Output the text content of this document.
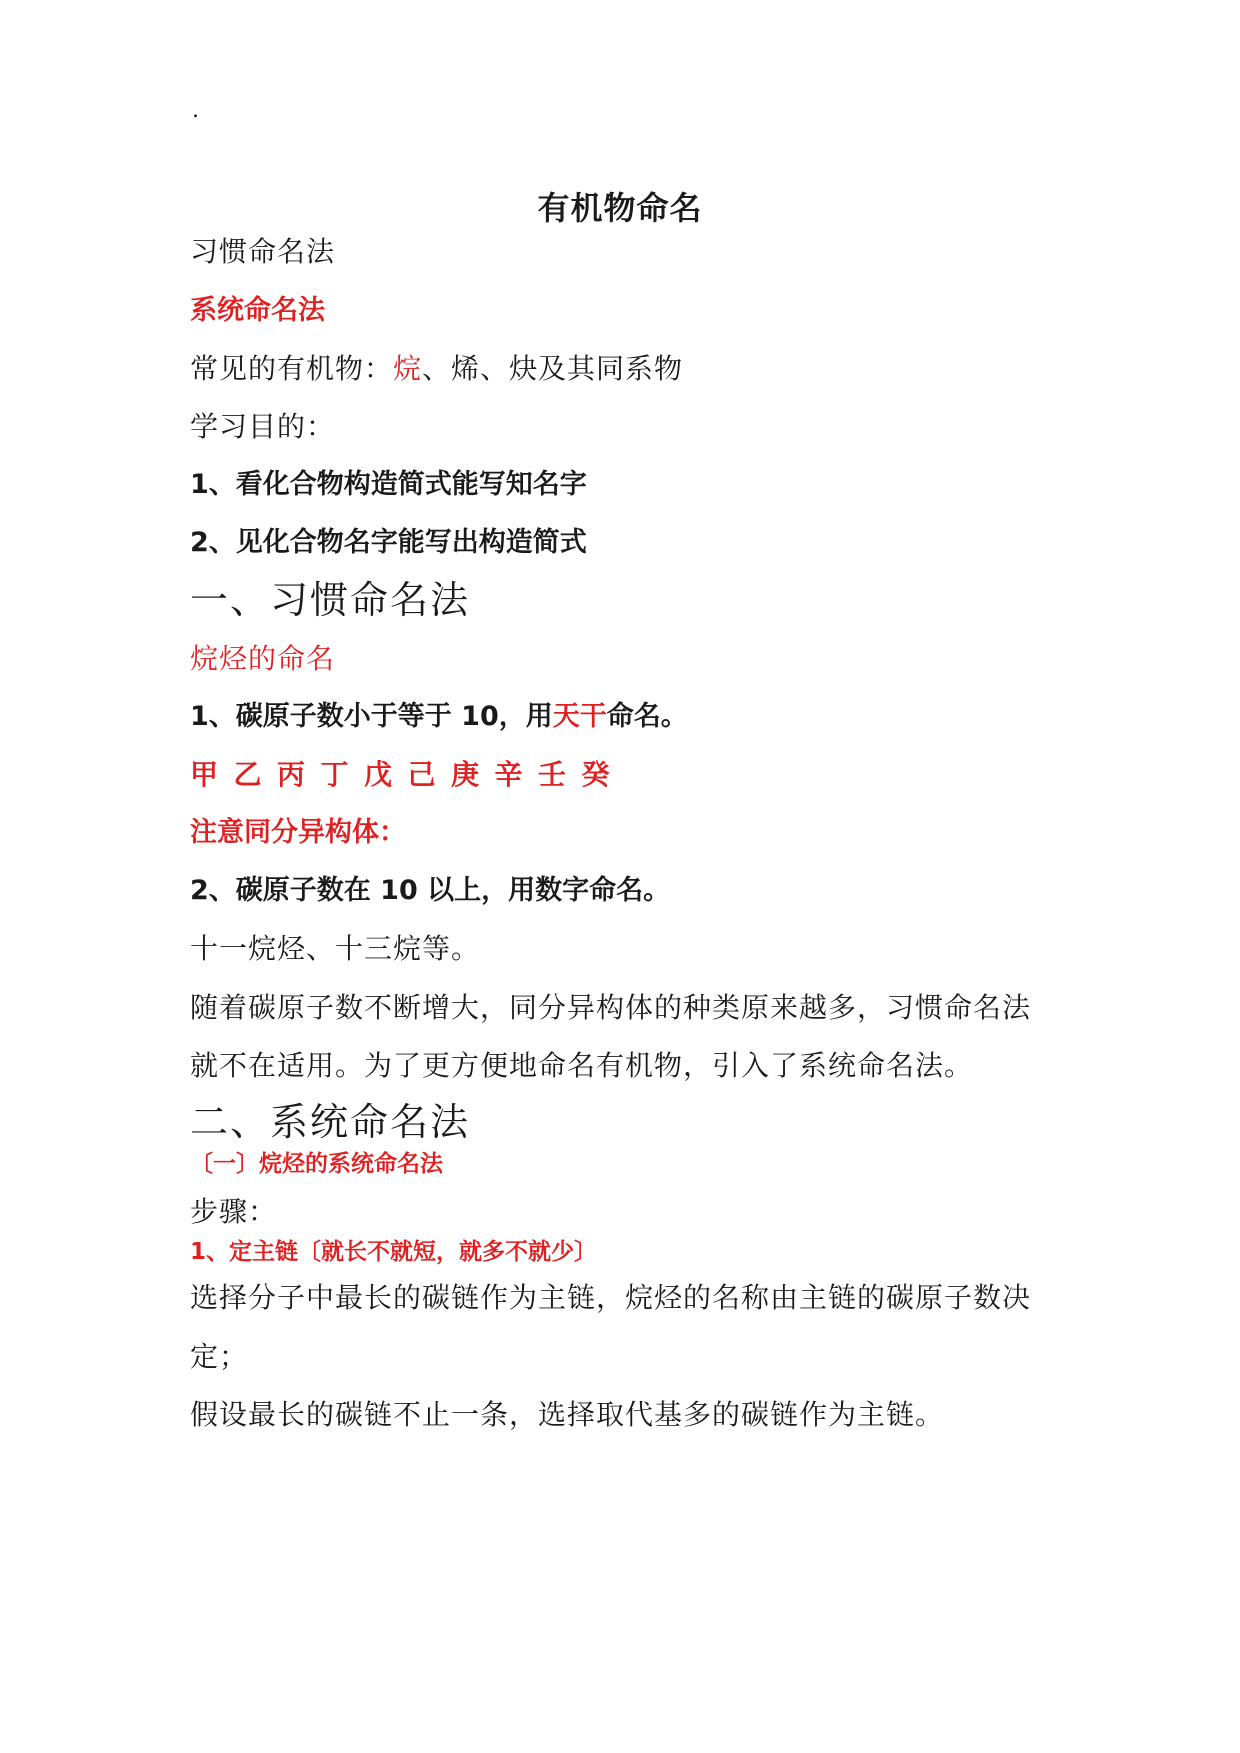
.
有机物命名
习惯命名法
系统命名法
常见的有机物：烷、烯、炔及其同系物
学习目的：
1、看化合物构造简式能写知名字
2、见化合物名字能写出构造简式
一、习惯命名法
烷烃的命名
1、碳原子数小于等于 10，用天干命名。
甲 乙 丙 丁 戊 己 庚 辛 壬 癸
注意同分异构体：
2、碳原子数在 10 以上，用数字命名。
十一烷烃、十三烷等。
随着碳原子数不断增大，同分异构体的种类原来越多，习惯命名法
就不在适用。为了更方便地命名有机物，引入了系统命名法。
二、系统命名法
〔一〕烷烃的系统命名法
步骤：
1、定主链〔就长不就短，就多不就少〕
选择分子中最长的碳链作为主链，烷烃的名称由主链的碳原子数决
定；
假设最长的碳链不止一条，选择取代基多的碳链作为主链。
